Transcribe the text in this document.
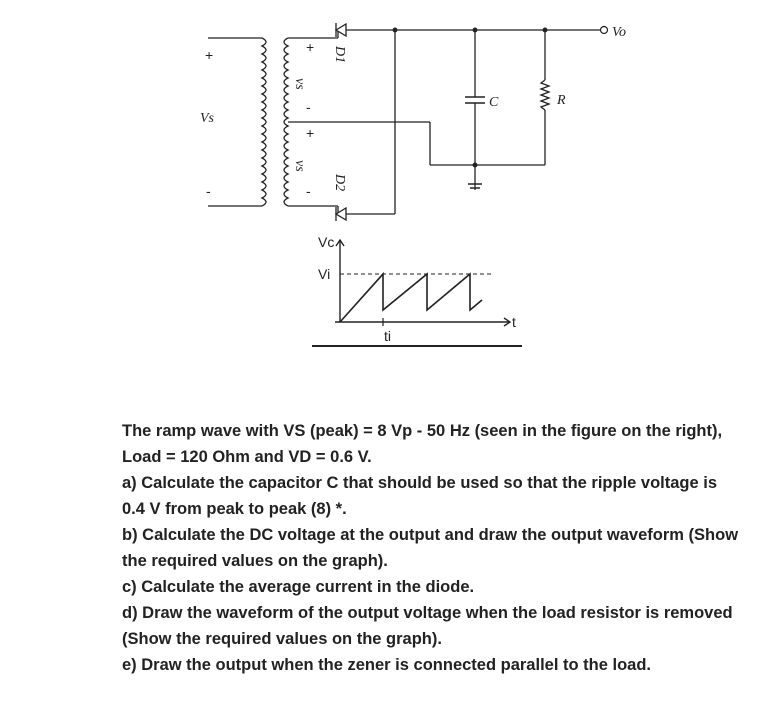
+
Vs
-
+
vs
-
+
vs
-
D1
D2
C	R
Vo
Vc
Vi
t
ti

The ramp wave with VS (peak) = 8 Vp - 50 Hz (seen in the figure on the right), Load = 120 Ohm and VD = 0.6 V.

a) Calculate the capacitor C that should be used so that the ripple voltage is 0.4 V from peak to peak (8) *.

b) Calculate the DC voltage at the output and draw the output waveform (Show the required values on the graph).

c) Calculate the average current in the diode.

d) Draw the waveform of the output voltage when the load resistor is removed (Show the required values on the graph).

e) Draw the output when the zener is connected parallel to the load.
